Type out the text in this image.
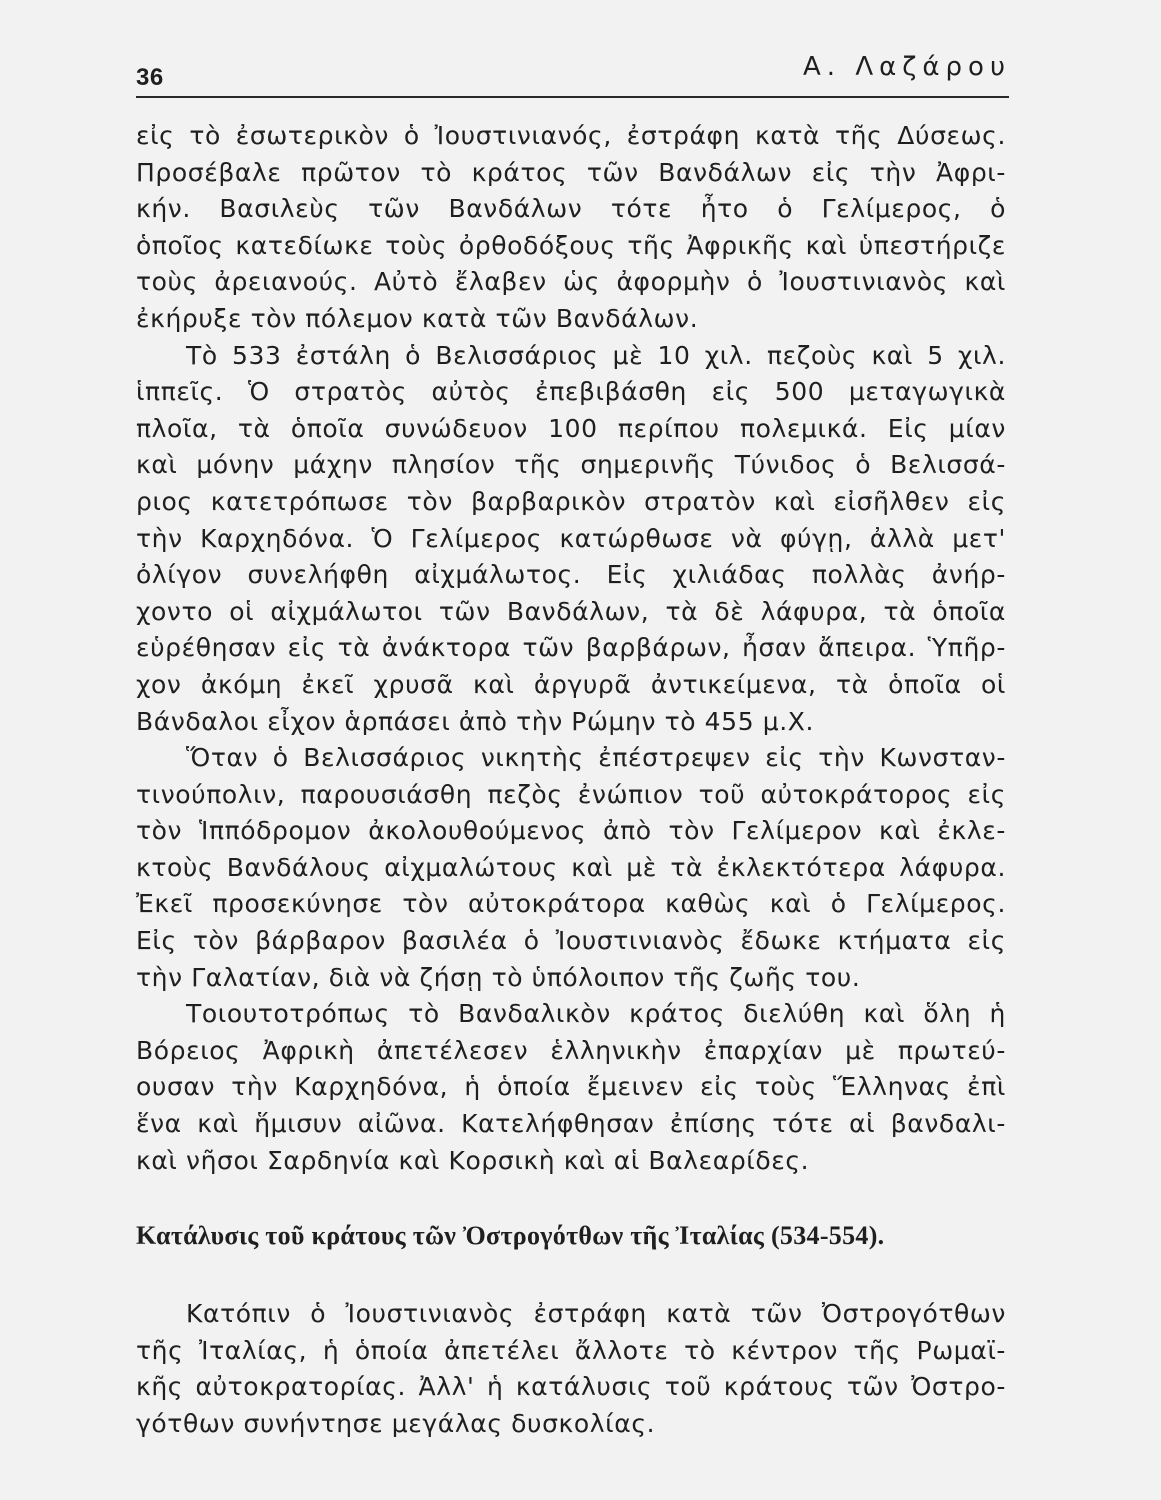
36	Α. Λαζάρου
εἰς τὸ ἐσωτερικὸν ὁ Ἰουστινιανός, ἐστράφη κατὰ τῆς Δύσεως.
Προσέβαλε πρῶτον τὸ κράτος τῶν Βανδάλων εἰς τὴν Ἀφρι-
κήν. Βασιλεὺς τῶν Βανδάλων τότε ἦτο ὁ Γελίμερος, ὁ
ὁποῖος κατεδίωκε τοὺς ὀρθοδόξους τῆς Ἀφρικῆς καὶ ὑπεστήριζε
τοὺς ἀρειανούς. Αὐτὸ ἔλαβεν ὡς ἀφορμὴν ὁ Ἰουστινιανὸς καὶ
ἐκήρυξε τὸν πόλεμον κατὰ τῶν Βανδάλων.
Τὸ 533 ἐστάλη ὁ Βελισσάριος μὲ 10 χιλ. πεζοὺς καὶ 5 χιλ.
ἱππεῖς. Ὁ στρατὸς αὐτὸς ἐπεβιβάσθη εἰς 500 μεταγωγικὰ
πλοῖα, τὰ ὁποῖα συνώδευον 100 περίπου πολεμικά. Εἰς μίαν
καὶ μόνην μάχην πλησίον τῆς σημερινῆς Τύνιδος ὁ Βελισσά-
ριος κατετρόπωσε τὸν βαρβαρικὸν στρατὸν καὶ εἰσῆλθεν εἰς
τὴν Καρχηδόνα. Ὁ Γελίμερος κατώρθωσε νὰ φύγῃ, ἀλλὰ μετ'
ὀλίγον συνελήφθη αἰχμάλωτος. Εἰς χιλιάδας πολλὰς ἀνήρ-
χοντο οἱ αἰχμάλωτοι τῶν Βανδάλων, τὰ δὲ λάφυρα, τὰ ὁποῖα
εὑρέθησαν εἰς τὰ ἀνάκτορα τῶν βαρβάρων, ἦσαν ἄπειρα. Ὑπῆρ-
χον ἀκόμη ἐκεῖ χρυσᾶ καὶ ἀργυρᾶ ἀντικείμενα, τὰ ὁποῖα οἱ
Βάνδαλοι εἶχον ἁρπάσει ἀπὸ τὴν Ρώμην τὸ 455 μ.Χ.
Ὅταν ὁ Βελισσάριος νικητὴς ἐπέστρεψεν εἰς τὴν Κωνσταν-
τινούπολιν, παρουσιάσθη πεζὸς ἐνώπιον τοῦ αὐτοκράτορος εἰς
τὸν Ἱππόδρομον ἀκολουθούμενος ἀπὸ τὸν Γελίμερον καὶ ἐκλε-
κτοὺς Βανδάλους αἰχμαλώτους καὶ μὲ τὰ ἐκλεκτότερα λάφυρα.
Ἐκεῖ προσεκύνησε τὸν αὐτοκράτορα καθὼς καὶ ὁ Γελίμερος.
Εἰς τὸν βάρβαρον βασιλέα ὁ Ἰουστινιανὸς ἔδωκε κτήματα εἰς
τὴν Γαλατίαν, διὰ νὰ ζήσῃ τὸ ὑπόλοιπον τῆς ζωῆς του.
Τοιουτοτρόπως τὸ Βανδαλικὸν κράτος διελύθη καὶ ὅλη ἡ
Βόρειος Ἀφρικὴ ἀπετέλεσεν ἑλληνικὴν ἐπαρχίαν μὲ πρωτεύ-
ουσαν τὴν Καρχηδόνα, ἡ ὁποία ἔμεινεν εἰς τοὺς Ἕλληνας ἐπὶ
ἕνα καὶ ἥμισυν αἰῶνα. Κατελήφθησαν ἐπίσης τότε αἱ βανδαλι-
καὶ νῆσοι Σαρδηνία καὶ Κορσικὴ καὶ αἱ Βαλεαρίδες.
Κατάλυσις τοῦ κράτους τῶν Ὀστρογότθων τῆς Ἰταλίας (534-554).
Κατόπιν ὁ Ἰουστινιανὸς ἐστράφη κατὰ τῶν Ὀστρογότθων
τῆς Ἰταλίας, ἡ ὁποία ἀπετέλει ἄλλοτε τὸ κέντρον τῆς Ρωμαϊ-
κῆς αὐτοκρατορίας. Ἀλλ' ἡ κατάλυσις τοῦ κράτους τῶν Ὀστρο-
γότθων συνήντησε μεγάλας δυσκολίας.
